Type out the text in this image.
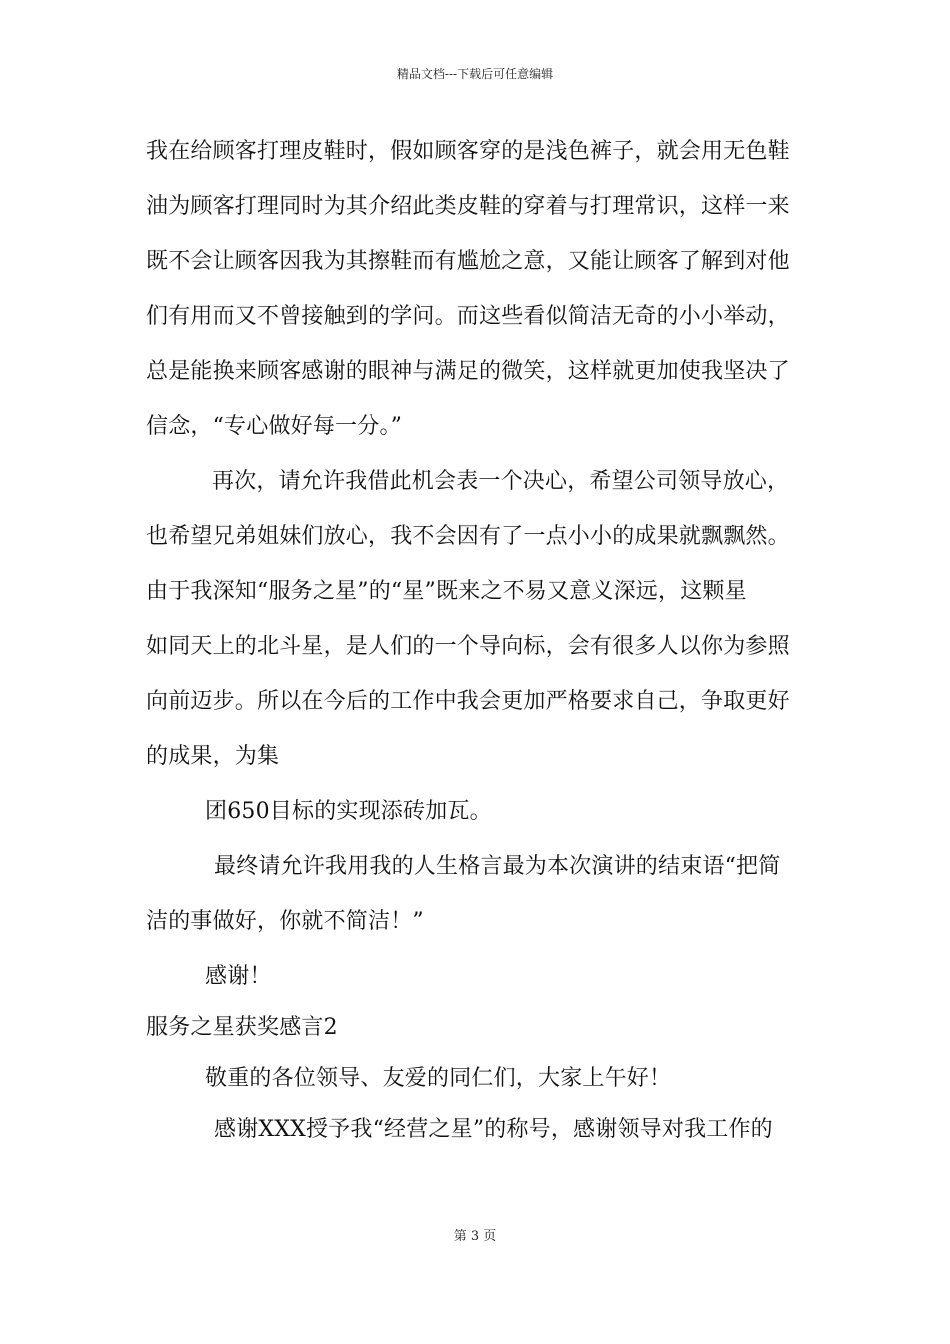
精品文档---下载后可任意编辑
我在给顾客打理皮鞋时，假如顾客穿的是浅色裤子，就会用无色鞋
油为顾客打理同时为其介绍此类皮鞋的穿着与打理常识，这样一来
既不会让顾客因我为其擦鞋而有尴尬之意，又能让顾客了解到对他
们有用而又不曾接触到的学问。而这些看似简洁无奇的小小举动，
总是能换来顾客感谢的眼神与满足的微笑，这样就更加使我坚决了
信念，“专心做好每一分。”
再次，请允许我借此机会表一个决心，希望公司领导放心，
也希望兄弟姐妹们放心，我不会因有了一点小小的成果就飘飘然。
由于我深知“服务之星”的“星”既来之不易又意义深远，这颗星
如同天上的北斗星，是人们的一个导向标，会有很多人以你为参照
向前迈步。所以在今后的工作中我会更加严格要求自己，争取更好
的成果，为集
团650目标的实现添砖加瓦。
最终请允许我用我的人生格言最为本次演讲的结束语“把简
洁的事做好，你就不简洁！”
感谢！
服务之星获奖感言2
敬重的各位领导、友爱的同仁们，大家上午好！
感谢XXX授予我“经营之星”的称号，感谢领导对我工作的
第 3 页
